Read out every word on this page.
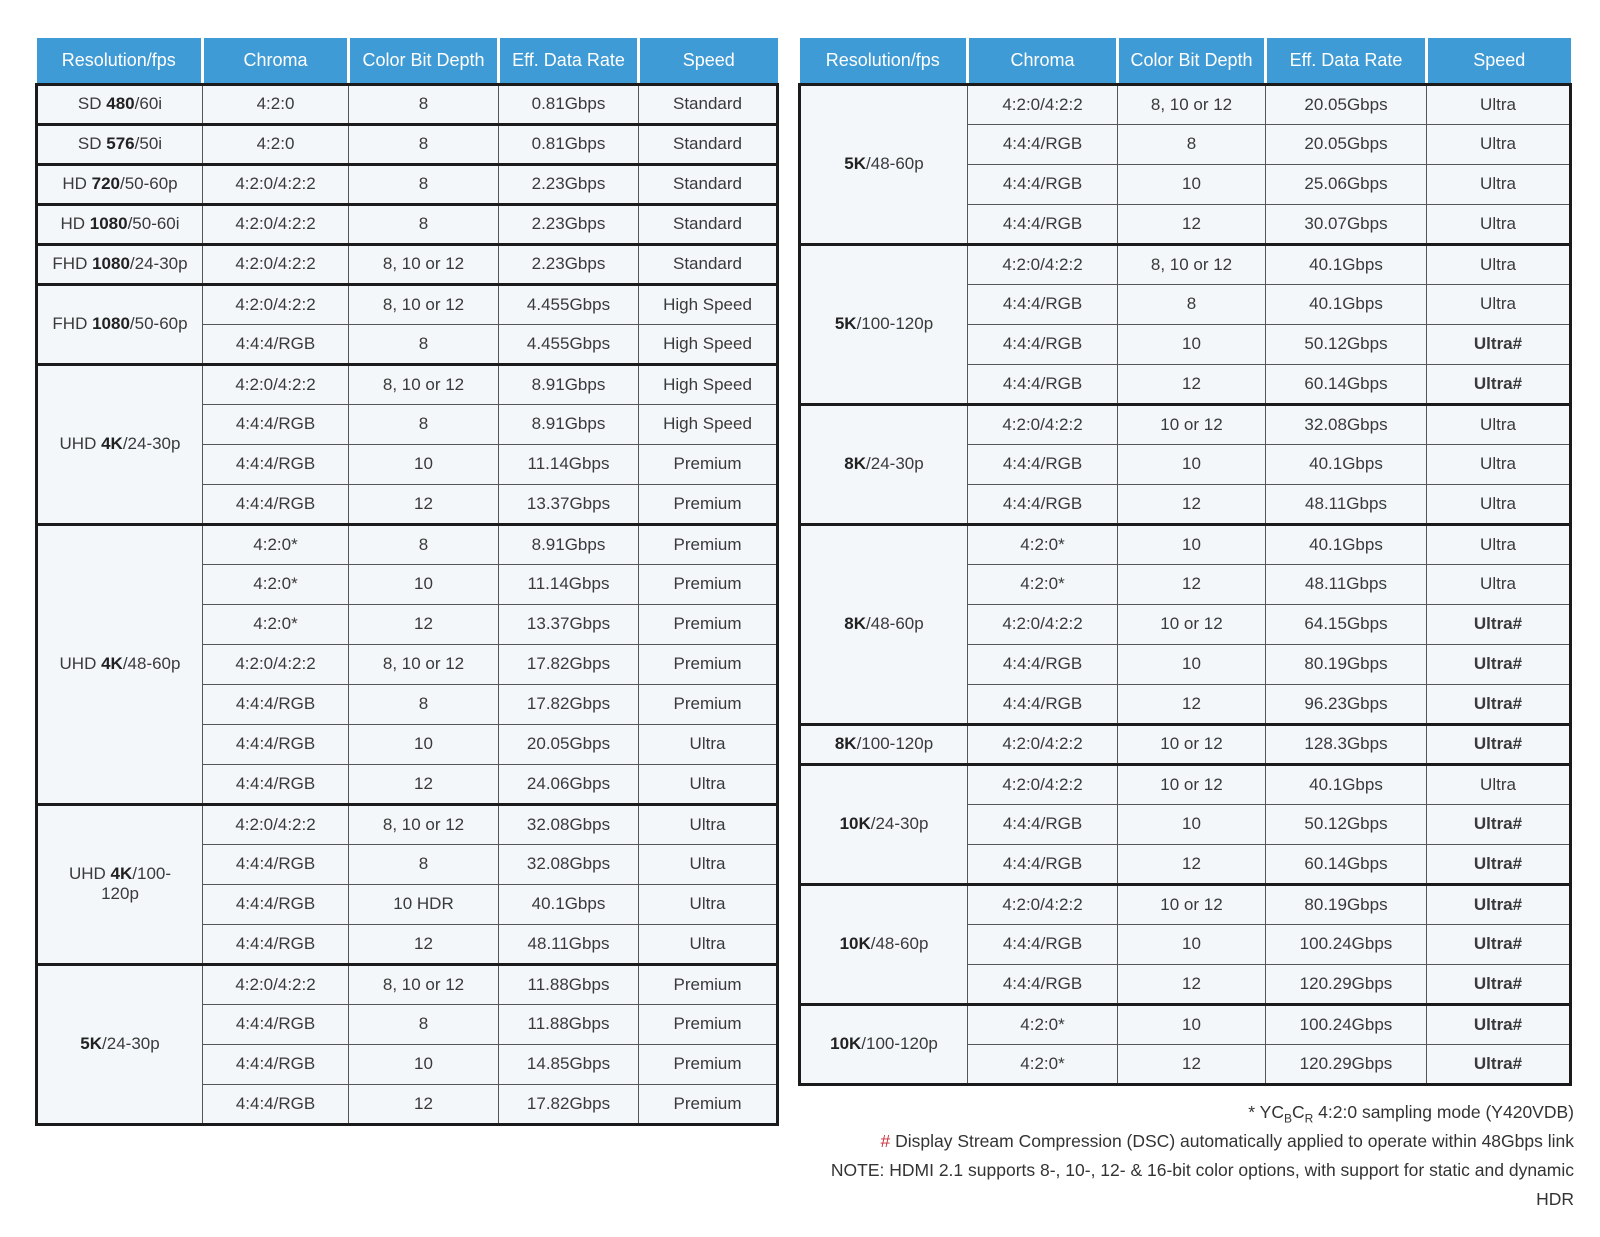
Resolution/fps	Chroma	Color Bit Depth	Eff. Data Rate	Speed
SD 480/60i	4:2:0	8	0.81Gbps	Standard
SD 576/50i	4:2:0	8	0.81Gbps	Standard
HD 720/50-60p	4:2:0/4:2:2	8	2.23Gbps	Standard
HD 1080/50-60i	4:2:0/4:2:2	8	2.23Gbps	Standard
FHD 1080/24-30p	4:2:0/4:2:2	8, 10 or 12	2.23Gbps	Standard
FHD 1080/50-60p	4:2:0/4:2:2	8, 10 or 12	4.455Gbps	High Speed
	4:4:4/RGB	8	4.455Gbps	High Speed
UHD 4K/24-30p	4:2:0/4:2:2	8, 10 or 12	8.91Gbps	High Speed
	4:4:4/RGB	8	8.91Gbps	High Speed
	4:4:4/RGB	10	11.14Gbps	Premium
	4:4:4/RGB	12	13.37Gbps	Premium
UHD 4K/48-60p	4:2:0*	8	8.91Gbps	Premium
	4:2:0*	10	11.14Gbps	Premium
	4:2:0*	12	13.37Gbps	Premium
	4:2:0/4:2:2	8, 10 or 12	17.82Gbps	Premium
	4:4:4/RGB	8	17.82Gbps	Premium
	4:4:4/RGB	10	20.05Gbps	Ultra
	4:4:4/RGB	12	24.06Gbps	Ultra
UHD 4K/100-
120p	4:2:0/4:2:2	8, 10 or 12	32.08Gbps	Ultra
	4:4:4/RGB	8	32.08Gbps	Ultra
	4:4:4/RGB	10 HDR	40.1Gbps	Ultra
	4:4:4/RGB	12	48.11Gbps	Ultra
5K/24-30p	4:2:0/4:2:2	8, 10 or 12	11.88Gbps	Premium
	4:4:4/RGB	8	11.88Gbps	Premium
	4:4:4/RGB	10	14.85Gbps	Premium
	4:4:4/RGB	12	17.82Gbps	Premium
Resolution/fps	Chroma	Color Bit Depth	Eff. Data Rate	Speed
5K/48-60p	4:2:0/4:2:2	8, 10 or 12	20.05Gbps	Ultra
	4:4:4/RGB	8	20.05Gbps	Ultra
	4:4:4/RGB	10	25.06Gbps	Ultra
	4:4:4/RGB	12	30.07Gbps	Ultra
5K/100-120p	4:2:0/4:2:2	8, 10 or 12	40.1Gbps	Ultra
	4:4:4/RGB	8	40.1Gbps	Ultra
	4:4:4/RGB	10	50.12Gbps	Ultra#
	4:4:4/RGB	12	60.14Gbps	Ultra#
8K/24-30p	4:2:0/4:2:2	10 or 12	32.08Gbps	Ultra
	4:4:4/RGB	10	40.1Gbps	Ultra
	4:4:4/RGB	12	48.11Gbps	Ultra
8K/48-60p	4:2:0*	10	40.1Gbps	Ultra
	4:2:0*	12	48.11Gbps	Ultra
	4:2:0/4:2:2	10 or 12	64.15Gbps	Ultra#
	4:4:4/RGB	10	80.19Gbps	Ultra#
	4:4:4/RGB	12	96.23Gbps	Ultra#
8K/100-120p	4:2:0/4:2:2	10 or 12	128.3Gbps	Ultra#
10K/24-30p	4:2:0/4:2:2	10 or 12	40.1Gbps	Ultra
	4:4:4/RGB	10	50.12Gbps	Ultra#
	4:4:4/RGB	12	60.14Gbps	Ultra#
10K/48-60p	4:2:0/4:2:2	10 or 12	80.19Gbps	Ultra#
	4:4:4/RGB	10	100.24Gbps	Ultra#
	4:4:4/RGB	12	120.29Gbps	Ultra#
10K/100-120p	4:2:0*	10	100.24Gbps	Ultra#
	4:2:0*	12	120.29Gbps	Ultra#
* $YC_BC_R$ 4:2:0 sampling mode (Y420VDB)
# Display Stream Compression (DSC) automatically applied to operate within 48Gbps link
NOTE: HDMI 2.1 supports 8-, 10-, 12- & 16-bit color options, with support for static and dynamic HDR
